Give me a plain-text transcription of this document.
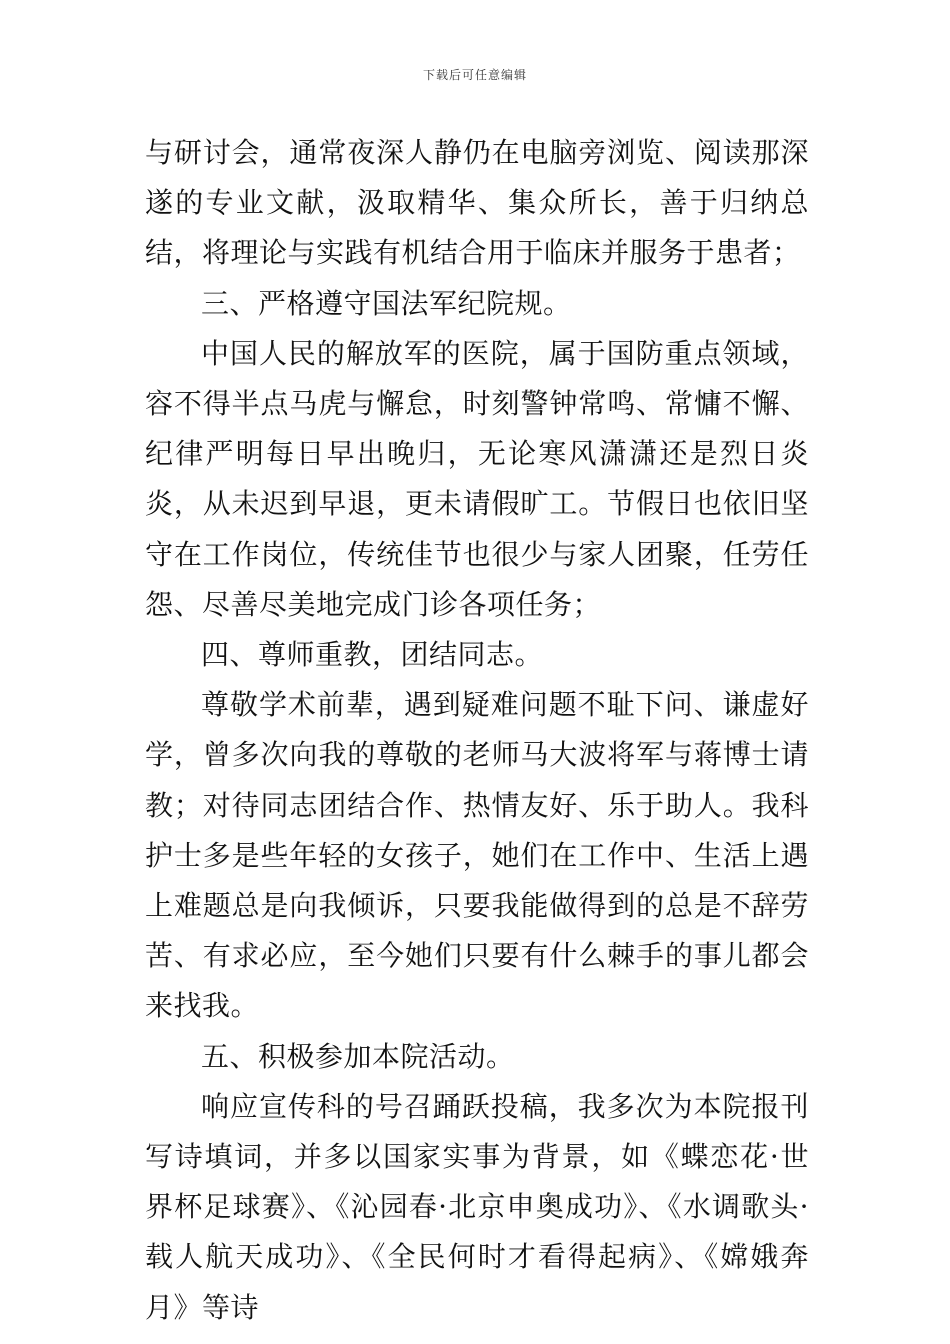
下载后可任意编辑

与研讨会，通常夜深人静仍在电脑旁浏览、阅读那深遂的专业文献，汲取精华、集众所长，善于归纳总结，将理论与实践有机结合用于临床并服务于患者；

三、严格遵守国法军纪院规。

中国人民的解放军的医院，属于国防重点领域，容不得半点马虎与懈怠，时刻警钟常鸣、常慵不懈、纪律严明每日早出晚归，无论寒风潇潇还是烈日炎炎，从未迟到早退，更未请假旷工。节假日也依旧坚守在工作岗位，传统佳节也很少与家人团聚，任劳任怨、尽善尽美地完成门诊各项任务；

四、尊师重教，团结同志。

尊敬学术前辈，遇到疑难问题不耻下问、谦虚好学，曾多次向我的尊敬的老师马大波将军与蒋博士请教；对待同志团结合作、热情友好、乐于助人。我科护士多是些年轻的女孩子，她们在工作中、生活上遇上难题总是向我倾诉，只要我能做得到的总是不辞劳苦、有求必应，至今她们只要有什么棘手的事儿都会来找我。

五、积极参加本院活动。

响应宣传科的号召踊跃投稿，我多次为本院报刊写诗填词，并多以国家实事为背景，如《蝶恋花·世界杯足球赛》、《沁园春·北京申奥成功》、《水调歌头·载人航天成功》、《全民何时才看得起病》、《嫦娥奔月》等诗
